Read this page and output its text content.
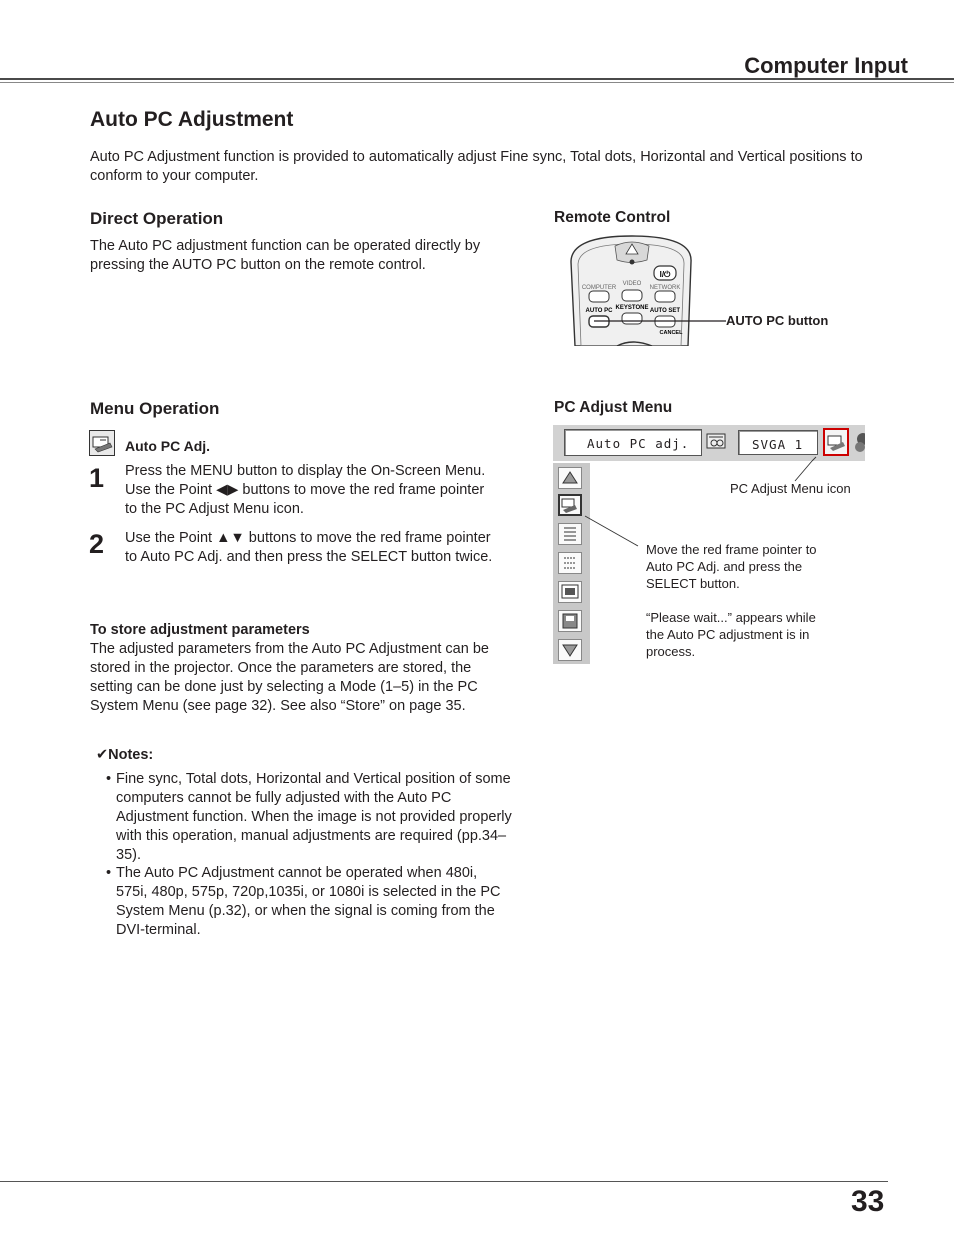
Computer Input
Auto PC Adjustment
Auto PC Adjustment function is provided to automatically adjust Fine sync, Total dots, Horizontal and Vertical positions to conform to your computer.
Direct Operation
The Auto PC adjustment function can be operated directly by pressing the AUTO PC button on the remote control.
Remote Control
I/⏻
COMPUTER
VIDEO
NETWORK
AUTO PC KEYSTONE AUTO SET
CANCEL
AUTO PC button
Menu Operation
Auto PC Adj.
1 Press the MENU button to display the On-Screen Menu. Use the Point ◀▶ buttons to move the red frame pointer to the PC Adjust Menu icon.
2 Use the Point ▲▼ buttons to move the red frame pointer to Auto PC Adj. and then press the SELECT button twice.
To store adjustment parameters
The adjusted parameters from the Auto PC Adjustment can be stored in the projector. Once the parameters are stored, the setting can be done just by selecting a Mode (1–5) in the PC System Menu (see page 32). See also “Store” on page 35.
✔Notes:
• Fine sync, Total dots, Horizontal and Vertical position of some computers cannot be fully adjusted with the Auto PC Adjustment function. When the image is not provided properly with this operation, manual adjustments are required (pp.34–35).
• The Auto PC Adjustment cannot be operated when 480i, 575i, 480p, 575p, 720p,1035i, or 1080i is selected in the PC System Menu (p.32), or when the signal is coming from the DVI-terminal.
PC Adjust Menu
Auto PC adj.	SVGA 1
PC Adjust Menu icon
Move the red frame pointer to Auto PC Adj. and press the SELECT button.
“Please wait...” appears while the Auto PC adjustment is in process.
33
